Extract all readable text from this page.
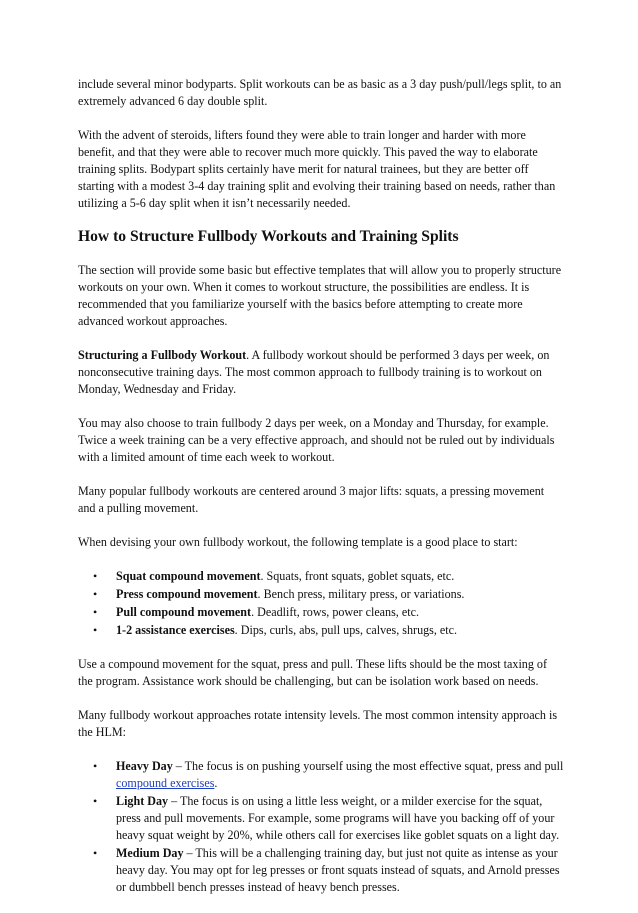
include several minor bodyparts. Split workouts can be as basic as a 3 day push/pull/legs split, to an extremely advanced 6 day double split.

With the advent of steroids, lifters found they were able to train longer and harder with more benefit, and that they were able to recover much more quickly. This paved the way to elaborate training splits. Bodypart splits certainly have merit for natural trainees, but they are better off starting with a modest 3-4 day training split and evolving their training based on needs, rather than utilizing a 5-6 day split when it isn’t necessarily needed.

How to Structure Fullbody Workouts and Training Splits

The section will provide some basic but effective templates that will allow you to properly structure workouts on your own. When it comes to workout structure, the possibilities are endless. It is recommended that you familiarize yourself with the basics before attempting to create more advanced workout approaches.

Structuring a Fullbody Workout. A fullbody workout should be performed 3 days per week, on nonconsecutive training days. The most common approach to fullbody training is to workout on Monday, Wednesday and Friday.

You may also choose to train fullbody 2 days per week, on a Monday and Thursday, for example. Twice a week training can be a very effective approach, and should not be ruled out by individuals with a limited amount of time each week to workout.

Many popular fullbody workouts are centered around 3 major lifts: squats, a pressing movement and a pulling movement.

When devising your own fullbody workout, the following template is a good place to start:

• Squat compound movement. Squats, front squats, goblet squats, etc.
• Press compound movement. Bench press, military press, or variations.
• Pull compound movement. Deadlift, rows, power cleans, etc.
• 1-2 assistance exercises. Dips, curls, abs, pull ups, calves, shrugs, etc.

Use a compound movement for the squat, press and pull. These lifts should be the most taxing of the program. Assistance work should be challenging, but can be isolation work based on needs.

Many fullbody workout approaches rotate intensity levels. The most common intensity approach is the HLM:

• Heavy Day – The focus is on pushing yourself using the most effective squat, press and pull compound exercises.
• Light Day – The focus is on using a little less weight, or a milder exercise for the squat, press and pull movements. For example, some programs will have you backing off of your heavy squat weight by 20%, while others call for exercises like goblet squats on a light day.
• Medium Day – This will be a challenging training day, but just not quite as intense as your heavy day. You may opt for leg presses or front squats instead of squats, and Arnold presses or dumbbell bench presses instead of heavy bench presses.
